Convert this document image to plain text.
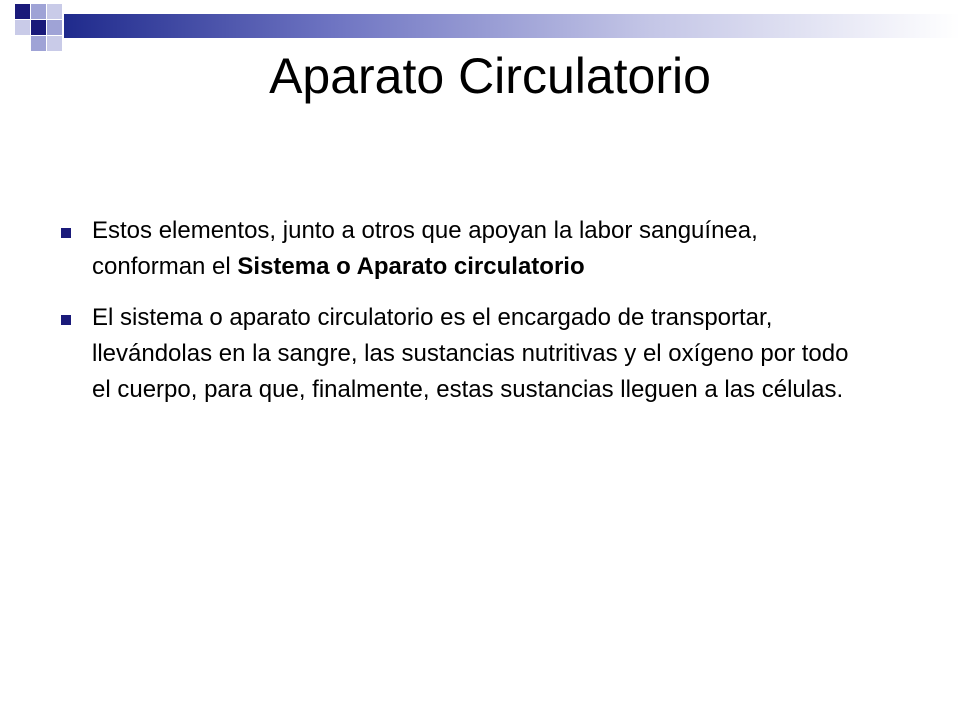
Aparato Circulatorio
Estos elementos, junto a otros que apoyan la labor sanguínea, conforman el Sistema o Aparato circulatorio
El sistema o aparato circulatorio es el encargado de transportar, llevándolas en la sangre, las sustancias nutritivas y el oxígeno por todo el cuerpo, para que, finalmente, estas sustancias lleguen a las células.
